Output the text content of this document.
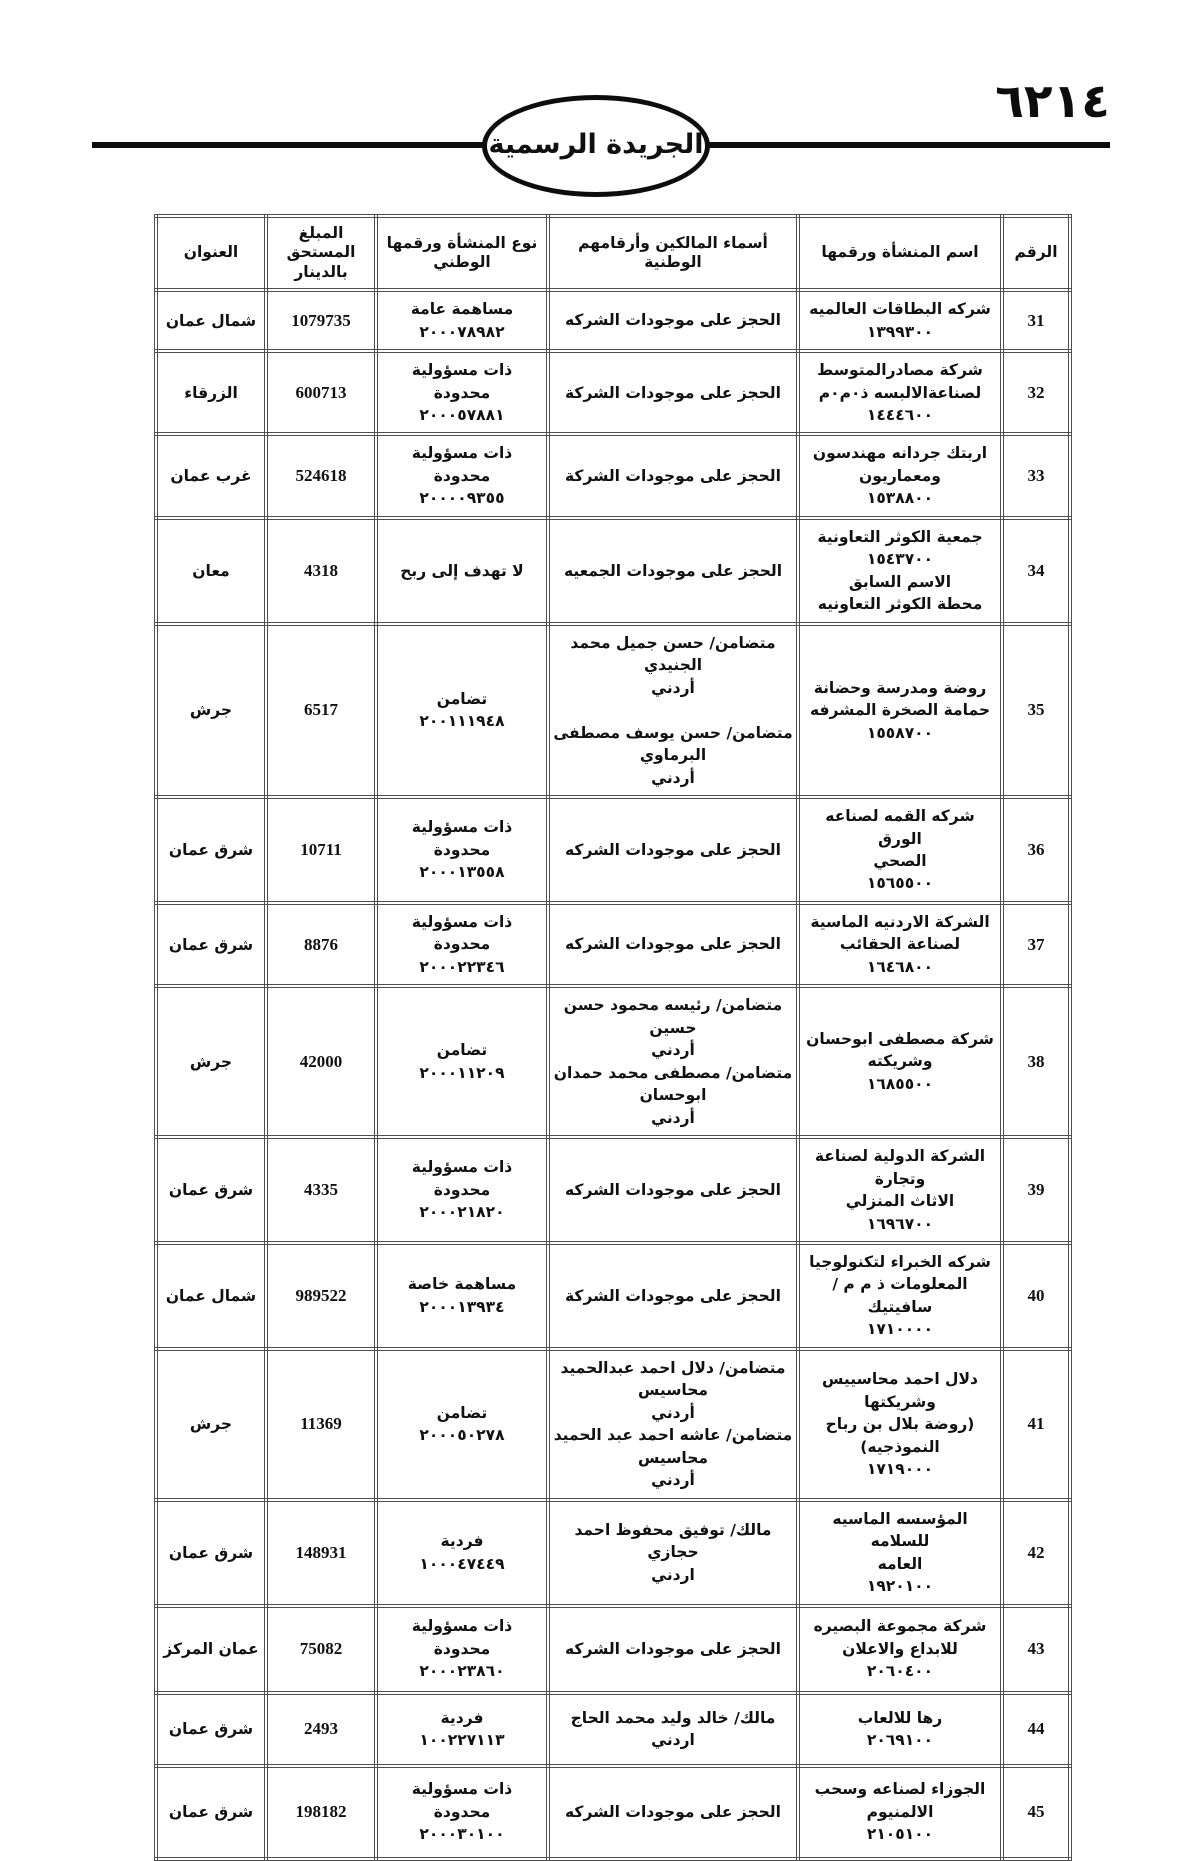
٦٢١٤
الجريدة الرسمية
الرقم	اسم المنشأة ورقمها	أسماء المالكين وأرقامهم الوطنية	نوع المنشأة ورقمها الوطني	المبلغ المستحق بالدينار	العنوان
31	
شركه البطاقات العالميه
١٣٩٩٣٠٠

الحجز على موجودات الشركه

مساهمة عامة
٢٠٠٠٧٨٩٨٢
	1079735	شمال عمان
32	
شركة مصادرالمتوسط
لصناعةالالبسه ذ٠م٠م
١٤٤٤٦٠٠

الحجز على موجودات الشركة

ذات مسؤولية محدودة
٢٠٠٠٥٧٨٨١
	600713	الزرقاء
33	
اربتك جردانه مهندسون
ومعماريون
١٥٣٨٨٠٠

الحجز على موجودات الشركة

ذات مسؤولية محدودة
٢٠٠٠٠٩٣٥٥
	524618	غرب عمان
34	جمعية الكوثر التعاونية
١٥٤٣٧٠٠
الاسم السابق
محطة الكوثر التعاونيه	الحجز على موجودات الجمعيه	لا تهدف إلى ربح	4318	معان
35	
روضة ومدرسة وحضانة
حمامة الصخرة المشرفه
١٥٥٨٧٠٠

متضامن/ حسن جميل محمد الجنيدي
أردني

متضامن/ حسن يوسف مصطفى
البرماوي
أردني

تضامن
٢٠٠١١١٩٤٨
	6517	جرش
36	
شركه القمه لصناعه الورق
الصحي
١٥٦٥٥٠٠

الحجز على موجودات الشركه

ذات مسؤولية محدودة
٢٠٠٠١٣٥٥٨
	10711	شرق عمان
37	
الشركة الاردنيه الماسية
لصناعة الحقائب
١٦٤٦٨٠٠

الحجز على موجودات الشركه

ذات مسؤولية محدودة
٢٠٠٠٢٢٣٤٦
	8876	شرق عمان
38	
شركة مصطفى ابوحسان
وشريكته
١٦٨٥٥٠٠

متضامن/ رئيسه محمود حسن حسين
أردني
متضامن/ مصطفى محمد حمدان ابوحسان
أردني

تضامن
٢٠٠٠١١٢٠٩
	42000	جرش
39	
الشركة الدولية لصناعة وتجارة
الاثاث المنزلي
١٦٩٦٧٠٠

الحجز على موجودات الشركه

ذات مسؤولية محدودة
٢٠٠٠٢١٨٢٠
	4335	شرق عمان
40	
شركه الخبراء لتكنولوجيا
المعلومات ذ م م /سافيتيك
١٧١٠٠٠٠

الحجز على موجودات الشركة

مساهمة خاصة
٢٠٠٠١٣٩٣٤
	989522	شمال عمان
41	
دلال احمد محاسييس وشريكتها
(روضة بلال بن رباح
النموذجيه)
١٧١٩٠٠٠

متضامن/ دلال احمد عبدالحميد
محاسيس
أردني
متضامن/ عاشه احمد عبد الحميد
محاسيس
أردني

تضامن
٢٠٠٠٥٠٢٧٨
	11369	جرش
42	
المؤسسه الماسيه للسلامه
العامه
١٩٢٠١٠٠

مالك/ توفيق محفوظ احمد حجازي
اردني

فردية
١٠٠٠٤٧٤٤٩
	148931	شرق عمان
43	
شركة مجموعة البصيره
للابداع والاعلان
٢٠٦٠٤٠٠

الحجز على موجودات الشركه

ذات مسؤولية محدودة
٢٠٠٠٢٣٨٦٠
	75082	عمان المركز
44	
رها للالعاب
٢٠٦٩١٠٠

مالك/ خالد وليد محمد الحاج
اردني

فردية
١٠٠٢٢٧١١٣
	2493	شرق عمان
45	
الجوزاء لصناعه وسحب
الالمنيوم
٢١٠٥١٠٠

الحجز على موجودات الشركه

ذات مسؤولية محدودة
٢٠٠٠٣٠١٠٠
	198182	شرق عمان
